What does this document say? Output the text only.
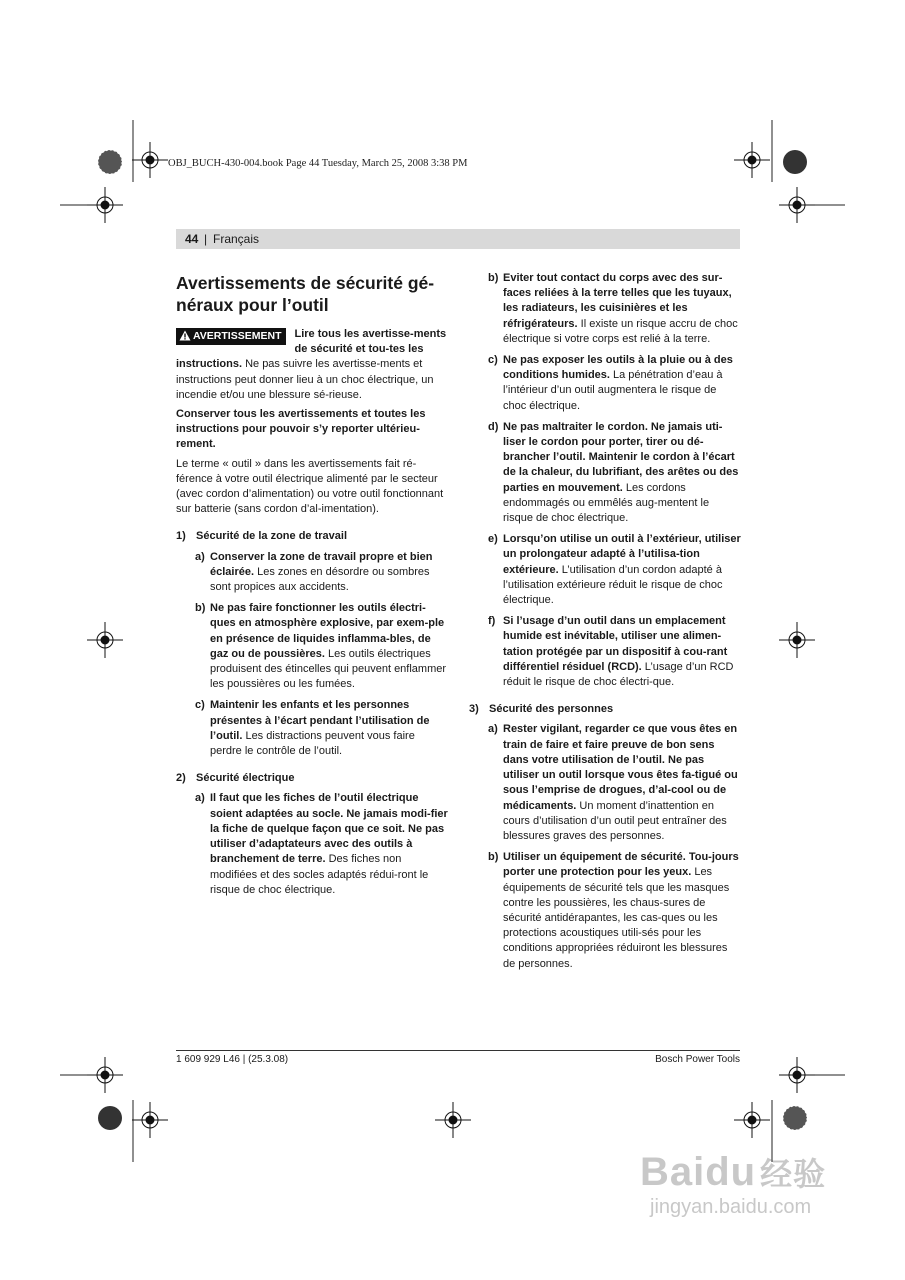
OBJ_BUCH-430-004.book Page 44 Tuesday, March 25, 2008 3:38 PM
44 | Français
Avertissements de sécurité gé-néraux pour l’outil

AVERTISSEMENT	Lire tous les avertisse-ments de sécurité et tou-tes les instructions. Ne pas suivre les avertisse-ments et instructions peut donner lieu à un choc électrique, un incendie et/ou une blessure sé-rieuse.

Conserver tous les avertissements et toutes les instructions pour pouvoir s’y reporter ultérieu-rement.

Le terme « outil » dans les avertissements fait ré-férence à votre outil électrique alimenté par le secteur (avec cordon d’alimentation) ou votre outil fonctionnant sur batterie (sans cordon d’al-imentation).

1) Sécurité de la zone de travail
a) Conserver la zone de travail propre et bien éclairée. Les zones en désordre ou sombres sont propices aux accidents.
b) Ne pas faire fonctionner les outils électri-ques en atmosphère explosive, par exem-ple en présence de liquides inflamma-bles, de gaz ou de poussières. Les outils électriques produisent des étincelles qui peuvent enflammer les poussières ou les fumées.
c) Maintenir les enfants et les personnes présentes à l’écart pendant l’utilisation de l’outil. Les distractions peuvent vous faire perdre le contrôle de l’outil.
2) Sécurité électrique
a) Il faut que les fiches de l’outil électrique soient adaptées au socle. Ne jamais modi-fier la fiche de quelque façon que ce soit. Ne pas utiliser d’adaptateurs avec des outils à branchement de terre. Des fiches non modifiées et des socles adaptés rédui-ront le risque de choc électrique.
b) Eviter tout contact du corps avec des sur-faces reliées à la terre telles que les tuyaux, les radiateurs, les cuisinières et les réfrigérateurs. Il existe un risque accru de choc électrique si votre corps est relié à la terre.
c) Ne pas exposer les outils à la pluie ou à des conditions humides. La pénétration d’eau à l’intérieur d’un outil augmentera le risque de choc électrique.
d) Ne pas maltraiter le cordon. Ne jamais uti-liser le cordon pour porter, tirer ou dé-brancher l’outil. Maintenir le cordon à l’écart de la chaleur, du lubrifiant, des arêtes ou des parties en mouvement. Les cordons endommagés ou emmêlés aug-mentent le risque de choc électrique.
e) Lorsqu’on utilise un outil à l’extérieur, utiliser un prolongateur adapté à l’utilisa-tion extérieure. L’utilisation d’un cordon adapté à l’utilisation extérieure réduit le risque de choc électrique.
f) Si l’usage d’un outil dans un emplacement humide est inévitable, utiliser une alimen-tation protégée par un dispositif à cou-rant différentiel résiduel (RCD). L’usage d’un RCD réduit le risque de choc électri-que.
3) Sécurité des personnes
a) Rester vigilant, regarder ce que vous êtes en train de faire et faire preuve de bon sens dans votre utilisation de l’outil. Ne pas utiliser un outil lorsque vous êtes fa-tigué ou sous l’emprise de drogues, d’al-cool ou de médicaments. Un moment d’inattention en cours d’utilisation d’un outil peut entraîner des blessures graves des personnes.
b) Utiliser un équipement de sécurité. Tou-jours porter une protection pour les yeux. Les équipements de sécurité tels que les masques contre les poussières, les chaus-sures de sécurité antidérapantes, les cas-ques ou les protections acoustiques utili-sés pour les conditions appropriées réduiront les blessures de personnes.
1 609 929 L46 | (25.3.08)	Bosch Power Tools
Baidu 经验
jingyan.baidu.com
